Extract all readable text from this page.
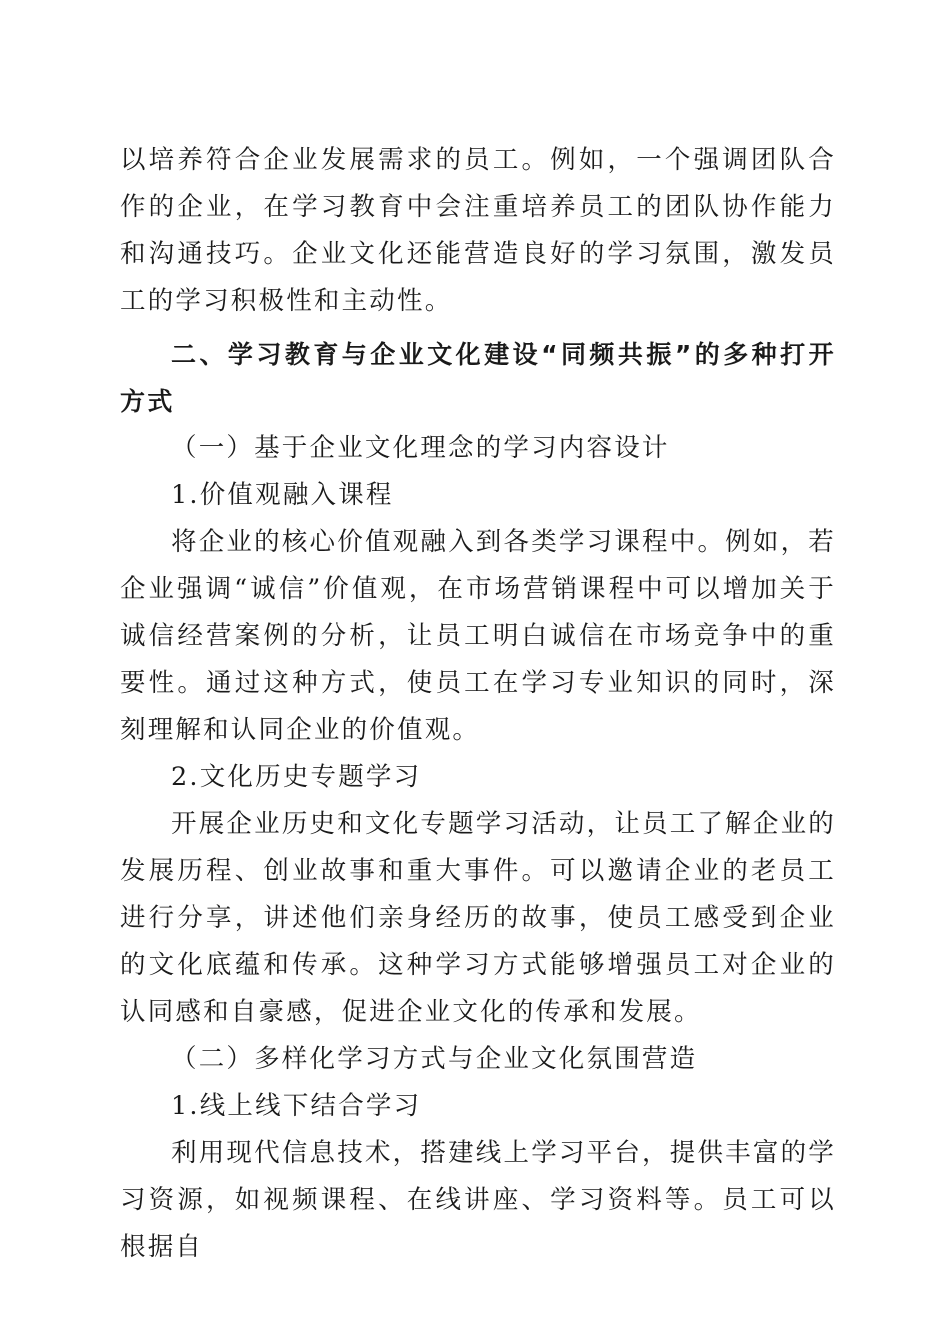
以培养符合企业发展需求的员工。例如，一个强调团队合作的企业，在学习教育中会注重培养员工的团队协作能力和沟通技巧。企业文化还能营造良好的学习氛围，激发员工的学习积极性和主动性。

二、学习教育与企业文化建设“同频共振”的多种打开方式

（一）基于企业文化理念的学习内容设计

1.价值观融入课程

将企业的核心价值观融入到各类学习课程中。例如，若企业强调“诚信”价值观，在市场营销课程中可以增加关于诚信经营案例的分析，让员工明白诚信在市场竞争中的重要性。通过这种方式，使员工在学习专业知识的同时，深刻理解和认同企业的价值观。

2.文化历史专题学习

开展企业历史和文化专题学习活动，让员工了解企业的发展历程、创业故事和重大事件。可以邀请企业的老员工进行分享，讲述他们亲身经历的故事，使员工感受到企业的文化底蕴和传承。这种学习方式能够增强员工对企业的认同感和自豪感，促进企业文化的传承和发展。

（二）多样化学习方式与企业文化氛围营造

1.线上线下结合学习

利用现代信息技术，搭建线上学习平台，提供丰富的学习资源，如视频课程、在线讲座、学习资料等。员工可以根据自
